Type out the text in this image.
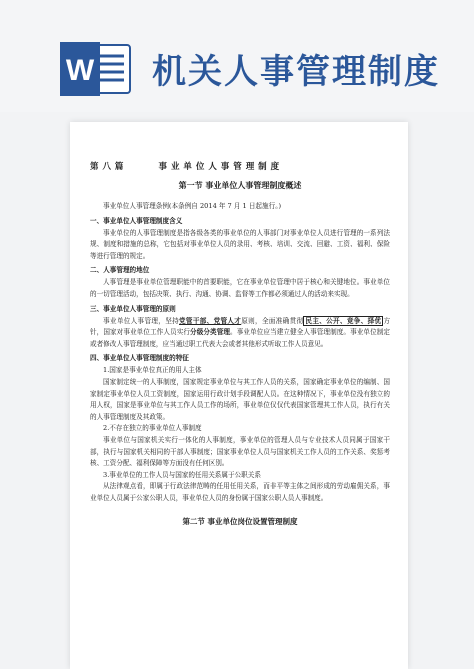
W 机关人事管理制度

第 八 篇          事 业 单 位 人 事 管 理 制 度

第一节 事业单位人事管理制度概述

事业单位人事管理条例(本条例自 2014 年 7 月 1 日起施行。)

一、事业单位人事管理制度含义

事业单位的人事管理制度是指各级各类的事业单位的人事部门对事业单位人员进行管理的一系列法规、制度和措施的总称，它包括对事业单位人员的录用、考核、培训、交流、回避、工资、福利、保险等进行管理的规定。

二、人事管理的地位

人事管理是事业单位管理职能中的首要职能，它在事业单位管理中居于核心和关键地位。事业单位的一切管理活动，包括决策、执行、沟通、协调、监督等工作都必须通过人的活动来实现。

三、事业单位人事管理的原则

事业单位人事管理，坚持党管干部、党管人才原则，全面准确贯彻 民主、公开、竞争、择优 方针，国家对事业单位工作人员实行分级分类管理。事业单位应当建立健全人事管理制度。事业单位制定或者修改人事管理制度，应当通过职工代表大会或者其他形式听取工作人员意见。

四、事业单位人事管理制度的特征

1.国家是事业单位真正的用人主体

国家制定统一的人事制度，国家规定事业单位与其工作人员的关系，国家确定事业单位的编制、国家制定事业单位人员工资制度，国家运用行政计划手段调配人员。在这种情况下，事业单位没有独立的用人权，国家是事业单位与其工作人员工作的场所，事业单位仅仅代表国家管理其工作人员，执行有关的人事管理制度及其政策。

2.不存在独立的事业单位人事制度

事业单位与国家机关实行一体化的人事制度，事业单位的管理人员与专业技术人员同属于国家干部，执行与国家机关相同的干部人事制度；国家事业单位人员与国家机关工作人员的工作关系、奖惩考核、工资分配、福利保障等方面没有任何区别。

3.事业单位的工作人员与国家的任用关系属于公职关系

从法律观点看，即属于行政法律范畴的任用任用关系，而非平等主体之间形成的劳动雇佣关系，事业单位人员属于公家公职人员，事业单位人员的身份属于国家公职人员人事制度。

第二节 事业单位岗位设置管理制度
